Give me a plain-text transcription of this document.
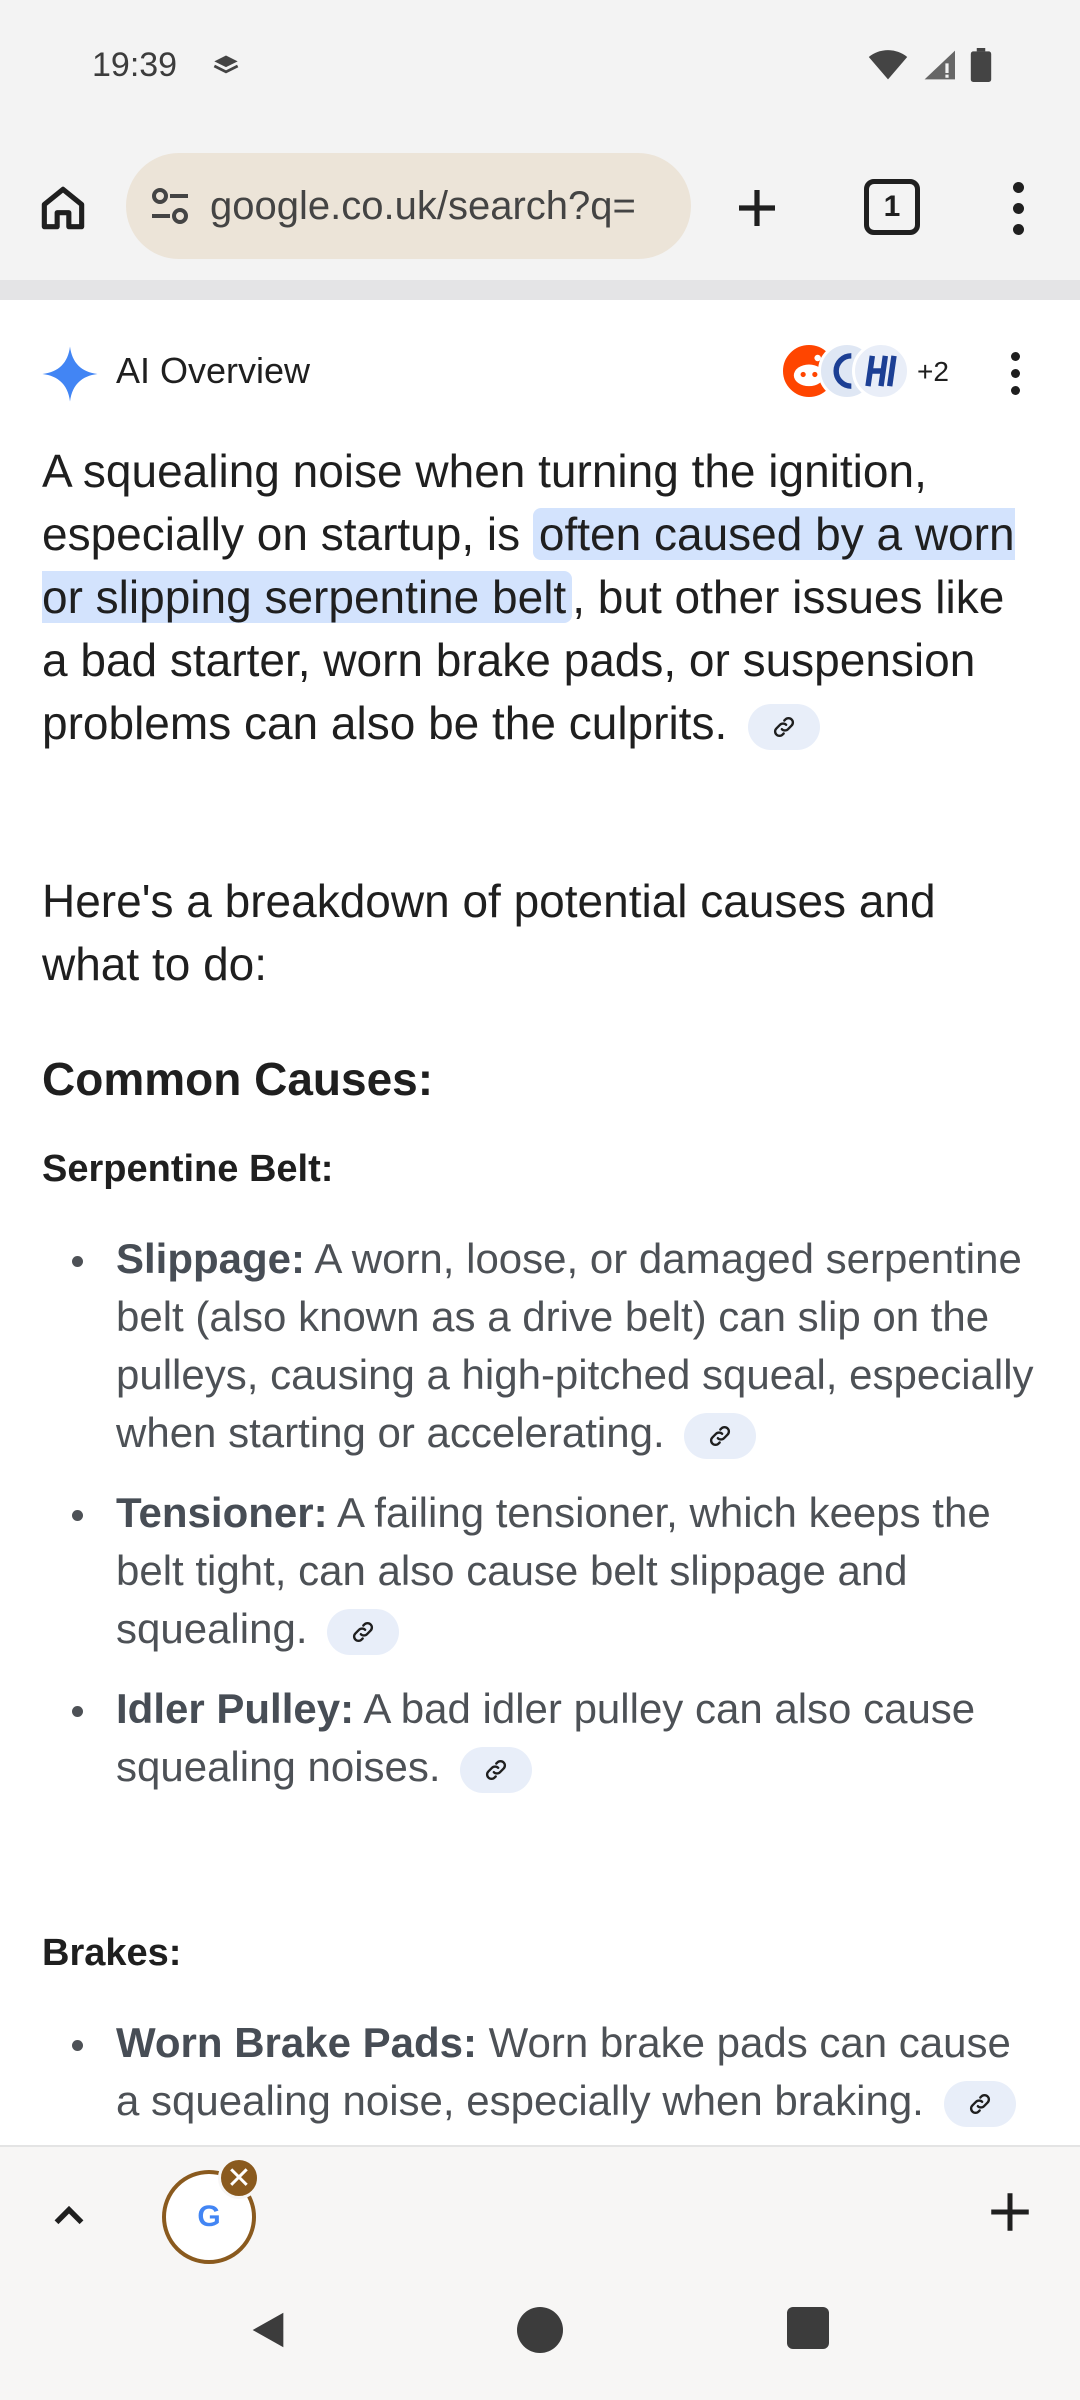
19:39
google.co.uk/search?q=	1
AI Overview	+2

A squealing noise when turning the ignition, especially on startup, is often caused by a worn or slipping serpentine belt , but other issues like a bad starter, worn brake pads, or suspension problems can also be the culprits.

Here's a breakdown of potential causes and what to do:

Common Causes:
Serpentine Belt:
Slippage: A worn, loose, or damaged serpentine belt (also known as a drive belt) can slip on the pulleys, causing a high-pitched squeal, especially when starting or accelerating.
Tensioner: A failing tensioner, which keeps the belt tight, can also cause belt slippage and squealing.
Idler Pulley: A bad idler pulley can also cause squealing noises.
Brakes:
Worn Brake Pads: Worn brake pads can cause a squealing noise, especially when braking.
G
✕
